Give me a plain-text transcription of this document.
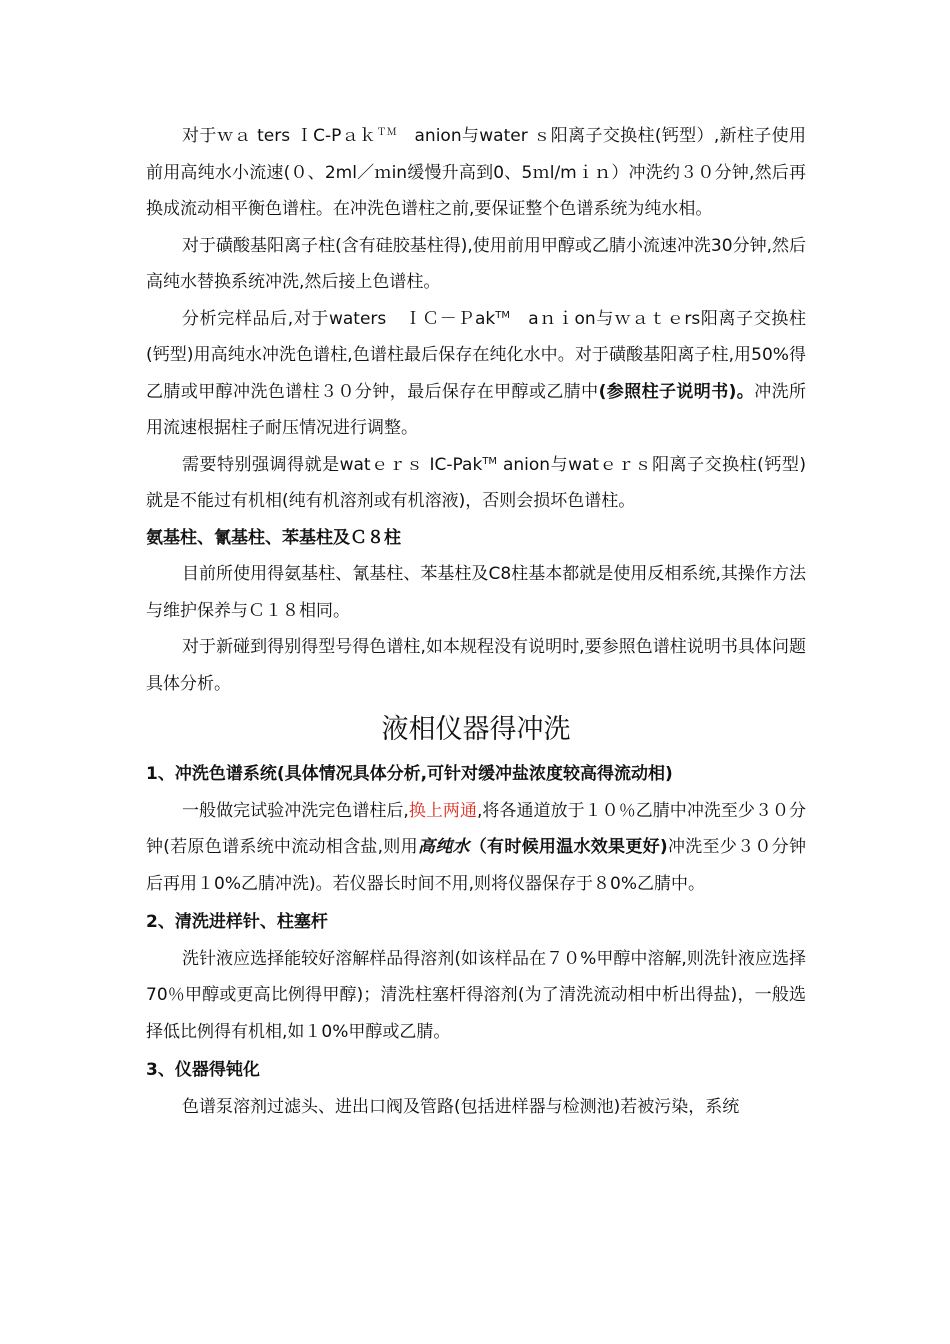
对于ｗａ ters ＩC-Pａｋ$^{TM}$　anion与water ｓ阳离子交换柱(钙型）,新柱子使用前用高纯水小流速(０、2ml／ｍin缓慢升高到0、5ｍl/mｉｎ）冲洗约３０分钟,然后再换成流动相平衡色谱柱。在冲洗色谱柱之前,要保证整个色谱系统为纯水相。

对于磺酸基阳离子柱(含有硅胶基柱得),使用前用甲醇或乙腈小流速冲洗30分钟,然后高纯水替换系统冲洗,然后接上色谱柱。

分析完样品后,对于waters　ＩＣ－Ｐak™　aｎｉon与ｗａｔｅrs阳离子交换柱(钙型)用高纯水冲洗色谱柱,色谱柱最后保存在纯化水中。对于磺酸基阳离子柱,用50%得乙腈或甲醇冲洗色谱柱３０分钟，最后保存在甲醇或乙腈中(参照柱子说明书)。冲洗所用流速根据柱子耐压情况进行调整。

需要特别强调得就是watｅｒｓ IC-Pak™ anion与watｅｒｓ阳离子交换柱(钙型)就是不能过有机相(纯有机溶剂或有机溶液)，否则会损坏色谱柱。

氨基柱、氰基柱、苯基柱及Ｃ８柱

目前所使用得氨基柱、氰基柱、苯基柱及C8柱基本都就是使用反相系统,其操作方法与维护保养与Ｃ１８相同。

对于新碰到得别得型号得色谱柱,如本规程没有说明时,要参照色谱柱说明书具体问题具体分析。

液相仪器得冲洗
1、冲洗色谱系统(具体情况具体分析,可针对缓冲盐浓度较高得流动相)

一般做完试验冲洗完色谱柱后,换上两通,将各通道放于１０％乙腈中冲洗至少３０分钟(若原色谱系统中流动相含盐,则用高纯水（有时候用温水效果更好)冲洗至少３０分钟后再用１0%乙腈冲洗)。若仪器长时间不用,则将仪器保存于８0%乙腈中。

2、清洗进样针、柱塞杆

洗针液应选择能较好溶解样品得溶剂(如该样品在７０%甲醇中溶解,则洗针液应选择70％甲醇或更高比例得甲醇)；清洗柱塞杆得溶剂(为了清洗流动相中析出得盐)，一般选择低比例得有机相,如１0%甲醇或乙腈。

3、仪器得钝化

色谱泵溶剂过滤头、进出口阀及管路(包括进样器与检测池)若被污染，系统
